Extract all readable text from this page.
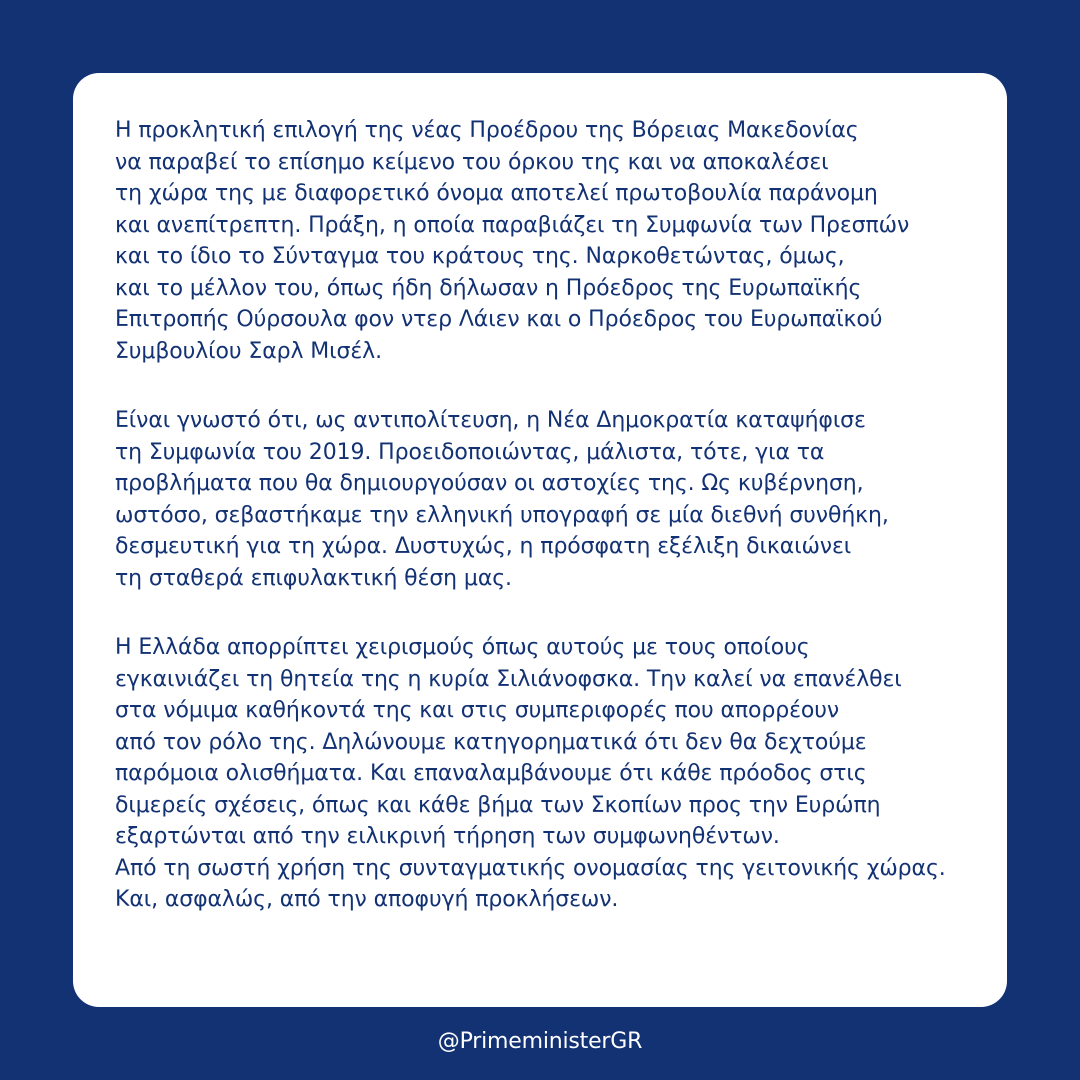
Η προκλητική επιλογή της νέας Προέδρου της Βόρειας Μακεδονίας
να παραβεί το επίσημο κείμενο του όρκου της και να αποκαλέσει
τη χώρα της με διαφορετικό όνομα αποτελεί πρωτοβουλία παράνομη
και ανεπίτρεπτη. Πράξη, η οποία παραβιάζει τη Συμφωνία των Πρεσπών
και το ίδιο το Σύνταγμα του κράτους της. Ναρκοθετώντας, όμως,
και το μέλλον του, όπως ήδη δήλωσαν η Πρόεδρος της Ευρωπαϊκής
Επιτροπής Ούρσουλα φον ντερ Λάιεν και ο Πρόεδρος του Ευρωπαϊκού
Συμβουλίου Σαρλ Μισέλ.
Είναι γνωστό ότι, ως αντιπολίτευση, η Νέα Δημοκρατία καταψήφισε
τη Συμφωνία του 2019. Προειδοποιώντας, μάλιστα, τότε, για τα
προβλήματα που θα δημιουργούσαν οι αστοχίες της. Ως κυβέρνηση,
ωστόσο, σεβαστήκαμε την ελληνική υπογραφή σε μία διεθνή συνθήκη,
δεσμευτική για τη χώρα. Δυστυχώς, η πρόσφατη εξέλιξη δικαιώνει
τη σταθερά επιφυλακτική θέση μας.
Η Ελλάδα απορρίπτει χειρισμούς όπως αυτούς με τους οποίους
εγκαινιάζει τη θητεία της η κυρία Σιλιάνοφσκα. Την καλεί να επανέλθει
στα νόμιμα καθήκοντά της και στις συμπεριφορές που απορρέουν
από τον ρόλο της. Δηλώνουμε κατηγορηματικά ότι δεν θα δεχτούμε
παρόμοια ολισθήματα. Και επαναλαμβάνουμε ότι κάθε πρόοδος στις
διμερείς σχέσεις, όπως και κάθε βήμα των Σκοπίων προς την Ευρώπη
εξαρτώνται από την ειλικρινή τήρηση των συμφωνηθέντων.
Από τη σωστή χρήση της συνταγματικής ονομασίας της γειτονικής χώρας.
Και, ασφαλώς, από την αποφυγή προκλήσεων.
@PrimeministerGR
